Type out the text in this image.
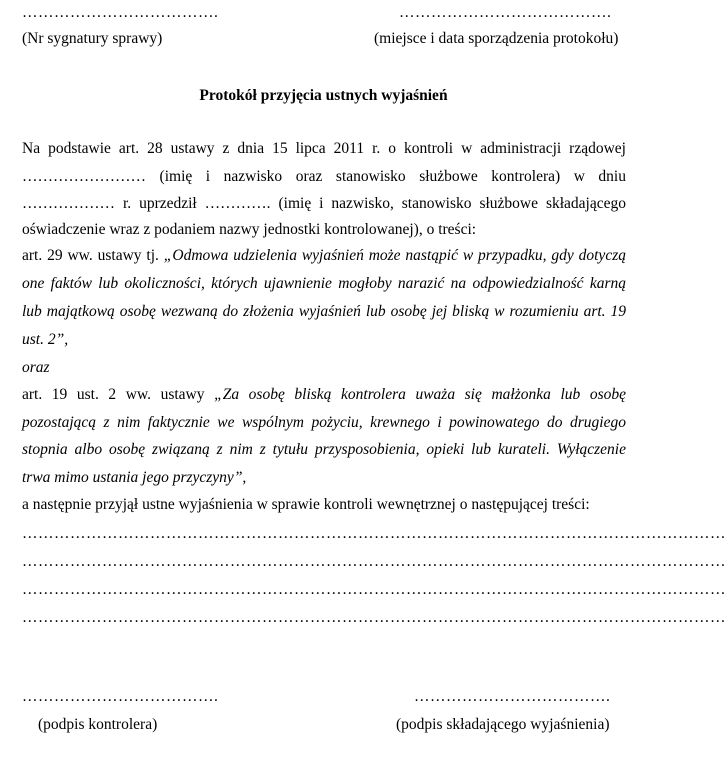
……………………………….	………………………………….
(Nr sygnatury sprawy)	(miejsce i data sporządzenia protokołu)
Protokół przyjęcia ustnych wyjaśnień
Na podstawie art. 28 ustawy z dnia 15 lipca 2011 r. o kontroli w administracji rządowej
…………………… (imię i nazwisko oraz stanowisko służbowe kontrolera) w dniu
……………… r. uprzedził …………. (imię i nazwisko, stanowisko służbowe składającego
oświadczenie wraz z podaniem nazwy jednostki kontrolowanej), o treści:
art. 29 ww. ustawy tj. „Odmowa udzielenia wyjaśnień może nastąpić w przypadku, gdy dotyczą
one faktów lub okoliczności, których ujawnienie mogłoby narazić na odpowiedzialność karną
lub majątkową osobę wezwaną do złożenia wyjaśnień lub osobę jej bliską w rozumieniu art. 19
ust. 2”,
oraz
art. 19 ust. 2 ww. ustawy „Za osobę bliską kontrolera uważa się małżonka lub osobę
pozostającą z nim faktycznie we wspólnym pożyciu, krewnego i powinowatego do drugiego
stopnia albo osobę związaną z nim z tytułu przysposobienia, opieki lub kurateli. Wyłączenie
trwa mimo ustania jego przyczyny”,
a następnie przyjął ustne wyjaśnienia w sprawie kontroli wewnętrznej o następującej treści:
……………………………………………………………………………………………………………………
……………………………………………………………………………………………………………………
……………………………………………………………………………………………………………………
……………………………………………………………………………………………………………………
……………………………….	……………………………….
(podpis kontrolera)	(podpis składającego wyjaśnienia)
